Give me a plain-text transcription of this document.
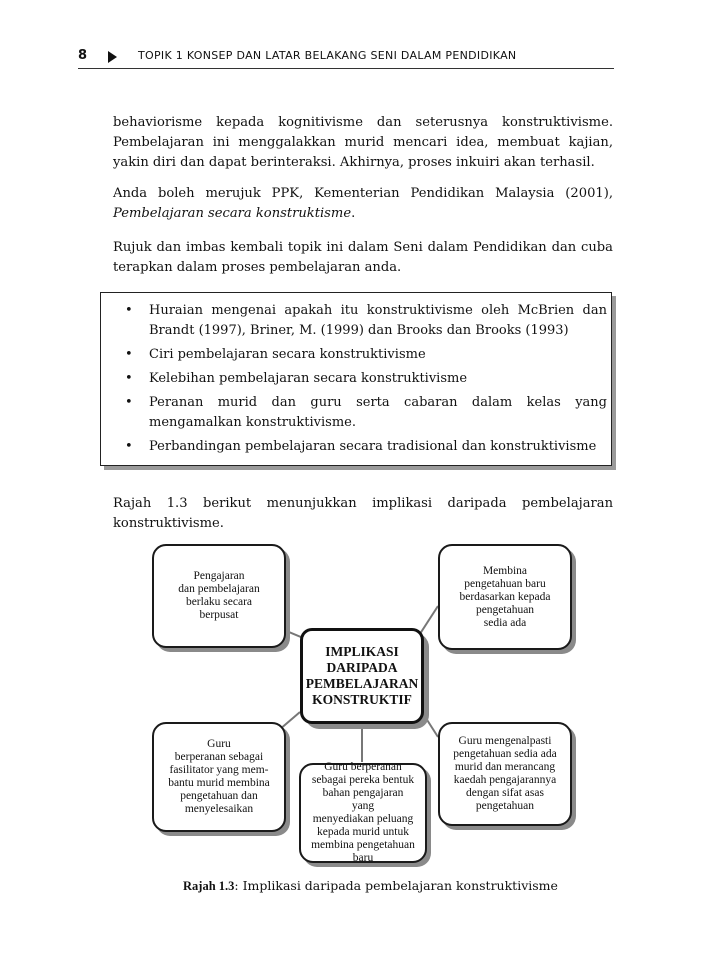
8	TOPIK 1 KONSEP DAN LATAR BELAKANG SENI DALAM PENDIDIKAN

behaviorisme kepada kognitivisme dan seterusnya konstruktivisme. Pembelajaran ini menggalakkan murid mencari idea, membuat kajian, yakin diri dan dapat berinteraksi. Akhirnya, proses inkuiri akan terhasil.

Anda boleh merujuk PPK, Kementerian Pendidikan Malaysia (2001), Pembelajaran secara konstruktisme.

Rujuk dan imbas kembali topik ini dalam Seni dalam Pendidikan dan cuba terapkan dalam proses pembelajaran anda.

• Huraian mengenai apakah itu konstruktivisme oleh McBrien dan Brandt (1997), Briner, M. (1999) dan Brooks dan Brooks (1993)
• Ciri pembelajaran secara konstruktivisme
• Kelebihan pembelajaran secara konstruktivisme
• Peranan murid dan guru serta cabaran dalam kelas yang mengamalkan konstruktivisme.
• Perbandingan pembelajaran secara tradisional dan konstruktivisme

Rajah 1.3 berikut menunjukkan implikasi daripada pembelajaran konstruktivisme.

Pengajaran
dan pembelajaran
berlaku secara
berpusat
Membina
pengetahuan baru
berdasarkan kepada
pengetahuan
sedia ada
IMPLIKASI
DARIPADA
PEMBELAJARAN
KONSTRUKTIF
Guru
berperanan sebagai
fasilitator yang mem-
bantu murid membina
pengetahuan dan
menyelesaikan
Guru berperanan
sebagai pereka bentuk
bahan pengajaran yang
menyediakan peluang
kepada murid untuk
membina pengetahuan
baru
Guru mengenalpasti
pengetahuan sedia ada
murid dan merancang
kaedah pengajarannya
dengan sifat asas
pengetahuan
Rajah 1.3: Implikasi daripada pembelajaran konstruktivisme
